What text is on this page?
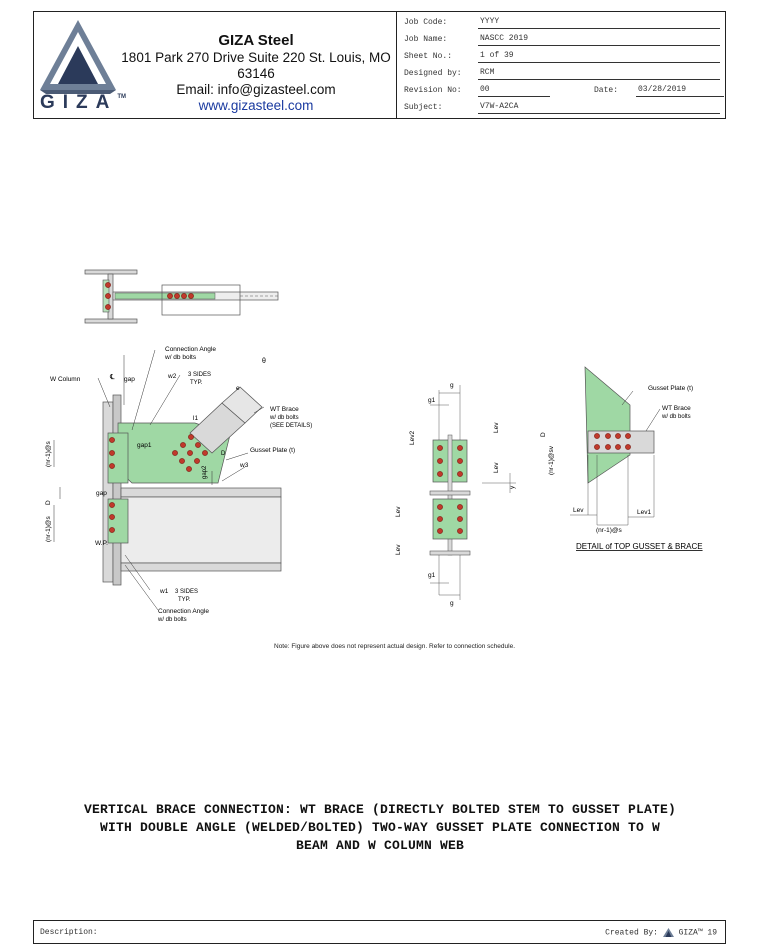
GIZA™
GIZA Steel
1801 Park 270 Drive Suite 220 St. Louis, MO 63146
Email: info@gizasteel.com
www.gizasteel.com
Job Code:	YYYY
Job Name:	NASCC 2019
Sheet No.:	1 of 39
Designed by:	RCM
Revision No:	00	Date: 03/28/2019
Subject:	V7W-A2CA
Connection Angle
w/ db bolts
W Column	℄ gap	w2 3 SIDES
TYP.
θ
e
l1
WT Brace
w/ db bolts
(SEE DETAILS)
D	Gusset Plate (t)
gap1
gap2
w3
(nr-1)@s
D
gap
(nr-1)@s
W.P.
w1 3 SIDES
TYP.
Connection Angle
w/ db bolts
g
g1
Lev2
Lev
Lev
y
Lev
Lev
g1
g
Gusset Plate (t)
WT Brace
w/ db bolts
D
(nr-1)@sv
Lev	Lev1
(nr-1)@s
DETAIL of TOP GUSSET & BRACE
Note: Figure above does not represent actual design. Refer to connection schedule.
VERTICAL BRACE CONNECTION: WT BRACE (DIRECTLY BOLTED STEM TO GUSSET PLATE)
WITH DOUBLE ANGLE (WELDED/BOLTED) TWO-WAY GUSSET PLATE CONNECTION TO W
BEAM AND W COLUMN WEB
Description:	Created By:	GIZA™ 19
